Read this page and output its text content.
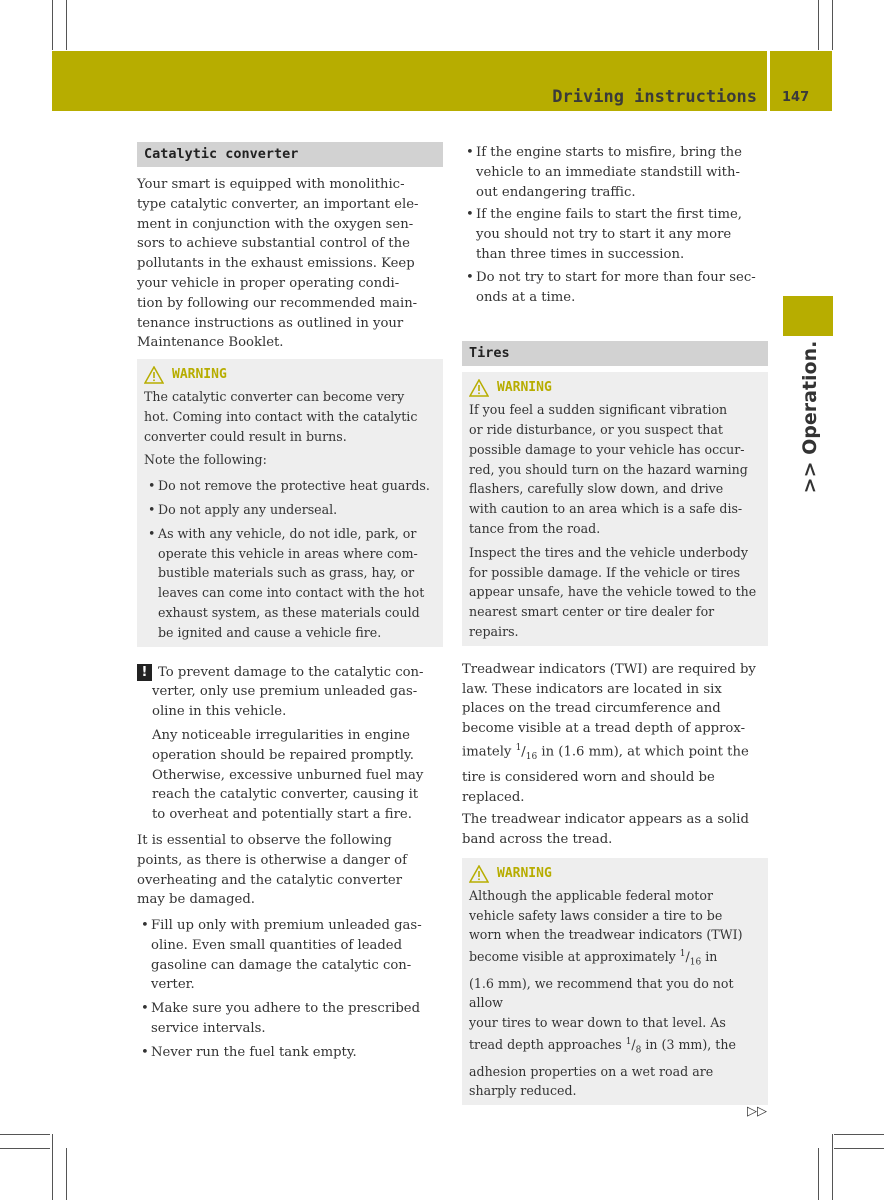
Driving instructions 147
>> Operation.
Catalytic converter

Your smart is equipped with monolithic-

type catalytic converter, an important ele-

ment in conjunction with the oxygen sen-

sors to achieve substantial control of the

pollutants in the exhaust emissions. Keep

your vehicle in proper operating condi-

tion by following our recommended main-

tenance instructions as outlined in your

Maintenance Booklet.

WARNING

The catalytic converter can become very

hot. Coming into contact with the catalytic

converter could result in burns.

Note the following:

• Do not remove the protective heat guards.

• Do not apply any underseal.

• As with any vehicle, do not idle, park, or

operate this vehicle in areas where com-

bustible materials such as grass, hay, or

leaves can come into contact with the hot

exhaust system, as these materials could

be ignited and cause a vehicle fire.

! To prevent damage to the catalytic con-

verter, only use premium unleaded gas-

oline in this vehicle.

Any noticeable irregularities in engine

operation should be repaired promptly.

Otherwise, excessive unburned fuel may

reach the catalytic converter, causing it

to overheat and potentially start a fire.

It is essential to observe the following

points, as there is otherwise a danger of

overheating and the catalytic converter

may be damaged.

• Fill up only with premium unleaded gas-

oline. Even small quantities of leaded

gasoline can damage the catalytic con-

verter.

• Make sure you adhere to the prescribed

service intervals.

• Never run the fuel tank empty.

• If the engine starts to misfire, bring the

vehicle to an immediate standstill with-

out endangering traffic.

• If the engine fails to start the first time,

you should not try to start it any more

than three times in succession.

• Do not try to start for more than four sec-

onds at a time.

Tires
WARNING

If you feel a sudden significant vibration

or ride disturbance, or you suspect that

possible damage to your vehicle has occur-

red, you should turn on the hazard warning

flashers, carefully slow down, and drive

with caution to an area which is a safe dis-

tance from the road.

Inspect the tires and the vehicle underbody

for possible damage. If the vehicle or tires

appear unsafe, have the vehicle towed to the

nearest smart center or tire dealer for

repairs.

Treadwear indicators (TWI) are required by

law. These indicators are located in six

places on the tread circumference and

become visible at a tread depth of approx-

imately $^1/_{16}$ in (1.6 mm), at which point the

tire is considered worn and should be

replaced.

The treadwear indicator appears as a solid

band across the tread.

WARNING

Although the applicable federal motor

vehicle safety laws consider a tire to be

worn when the treadwear indicators (TWI)

become visible at approximately $^1/_{16}$ in

(1.6 mm), we recommend that you do not allow

your tires to wear down to that level. As

tread depth approaches $^1/_8$ in (3 mm), the

adhesion properties on a wet road are

sharply reduced.

▷▷
